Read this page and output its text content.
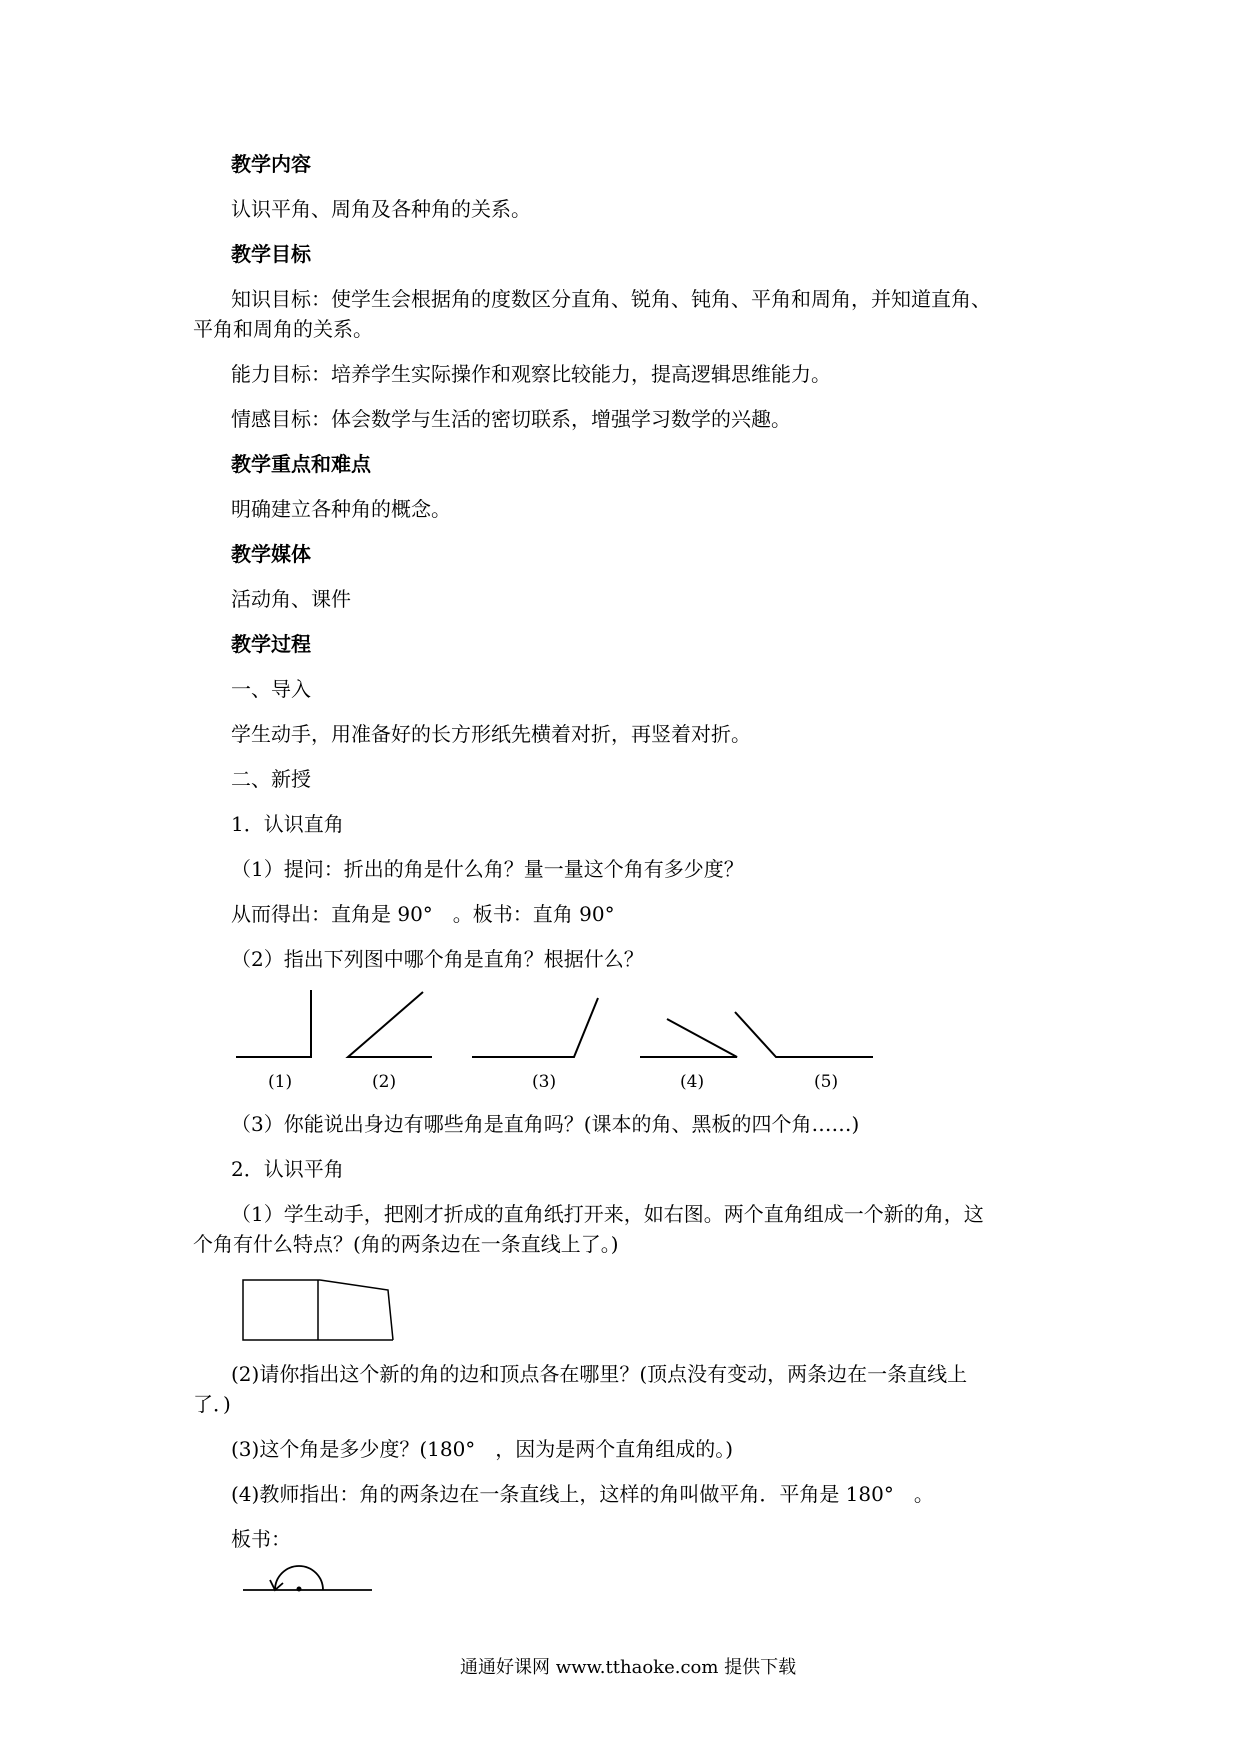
教学内容
认识平角、周角及各种角的关系。
教学目标
知识目标：使学生会根据角的度数区分直角、锐角、钝角、平角和周角，并知道直角、
平角和周角的关系。
能力目标：培养学生实际操作和观察比较能力，提高逻辑思维能力。
情感目标：体会数学与生活的密切联系，增强学习数学的兴趣。
教学重点和难点
明确建立各种角的概念。
教学媒体
活动角、课件
教学过程
一、导入
学生动手，用准备好的长方形纸先横着对折，再竖着对折。
二、新授
1．认识直角
（1）提问：折出的角是什么角？量一量这个角有多少度？
从而得出：直角是 90°　。板书：直角 90°
（2）指出下列图中哪个角是直角？根据什么？
(1)	(2)	(3)	(4)	(5)
（3）你能说出身边有哪些角是直角吗？(课本的角、黑板的四个角……)
2．认识平角
（1）学生动手，把刚才折成的直角纸打开来，如右图。两个直角组成一个新的角，这
个角有什么特点？(角的两条边在一条直线上了。)
(2)请你指出这个新的角的边和顶点各在哪里？(顶点没有变动，两条边在一条直线上
了．)
(3)这个角是多少度？(180°　，因为是两个直角组成的。)
(4)教师指出：角的两条边在一条直线上，这样的角叫做平角．平角是 180°　。
板书：
通通好课网 www.tthaoke.com 提供下载
